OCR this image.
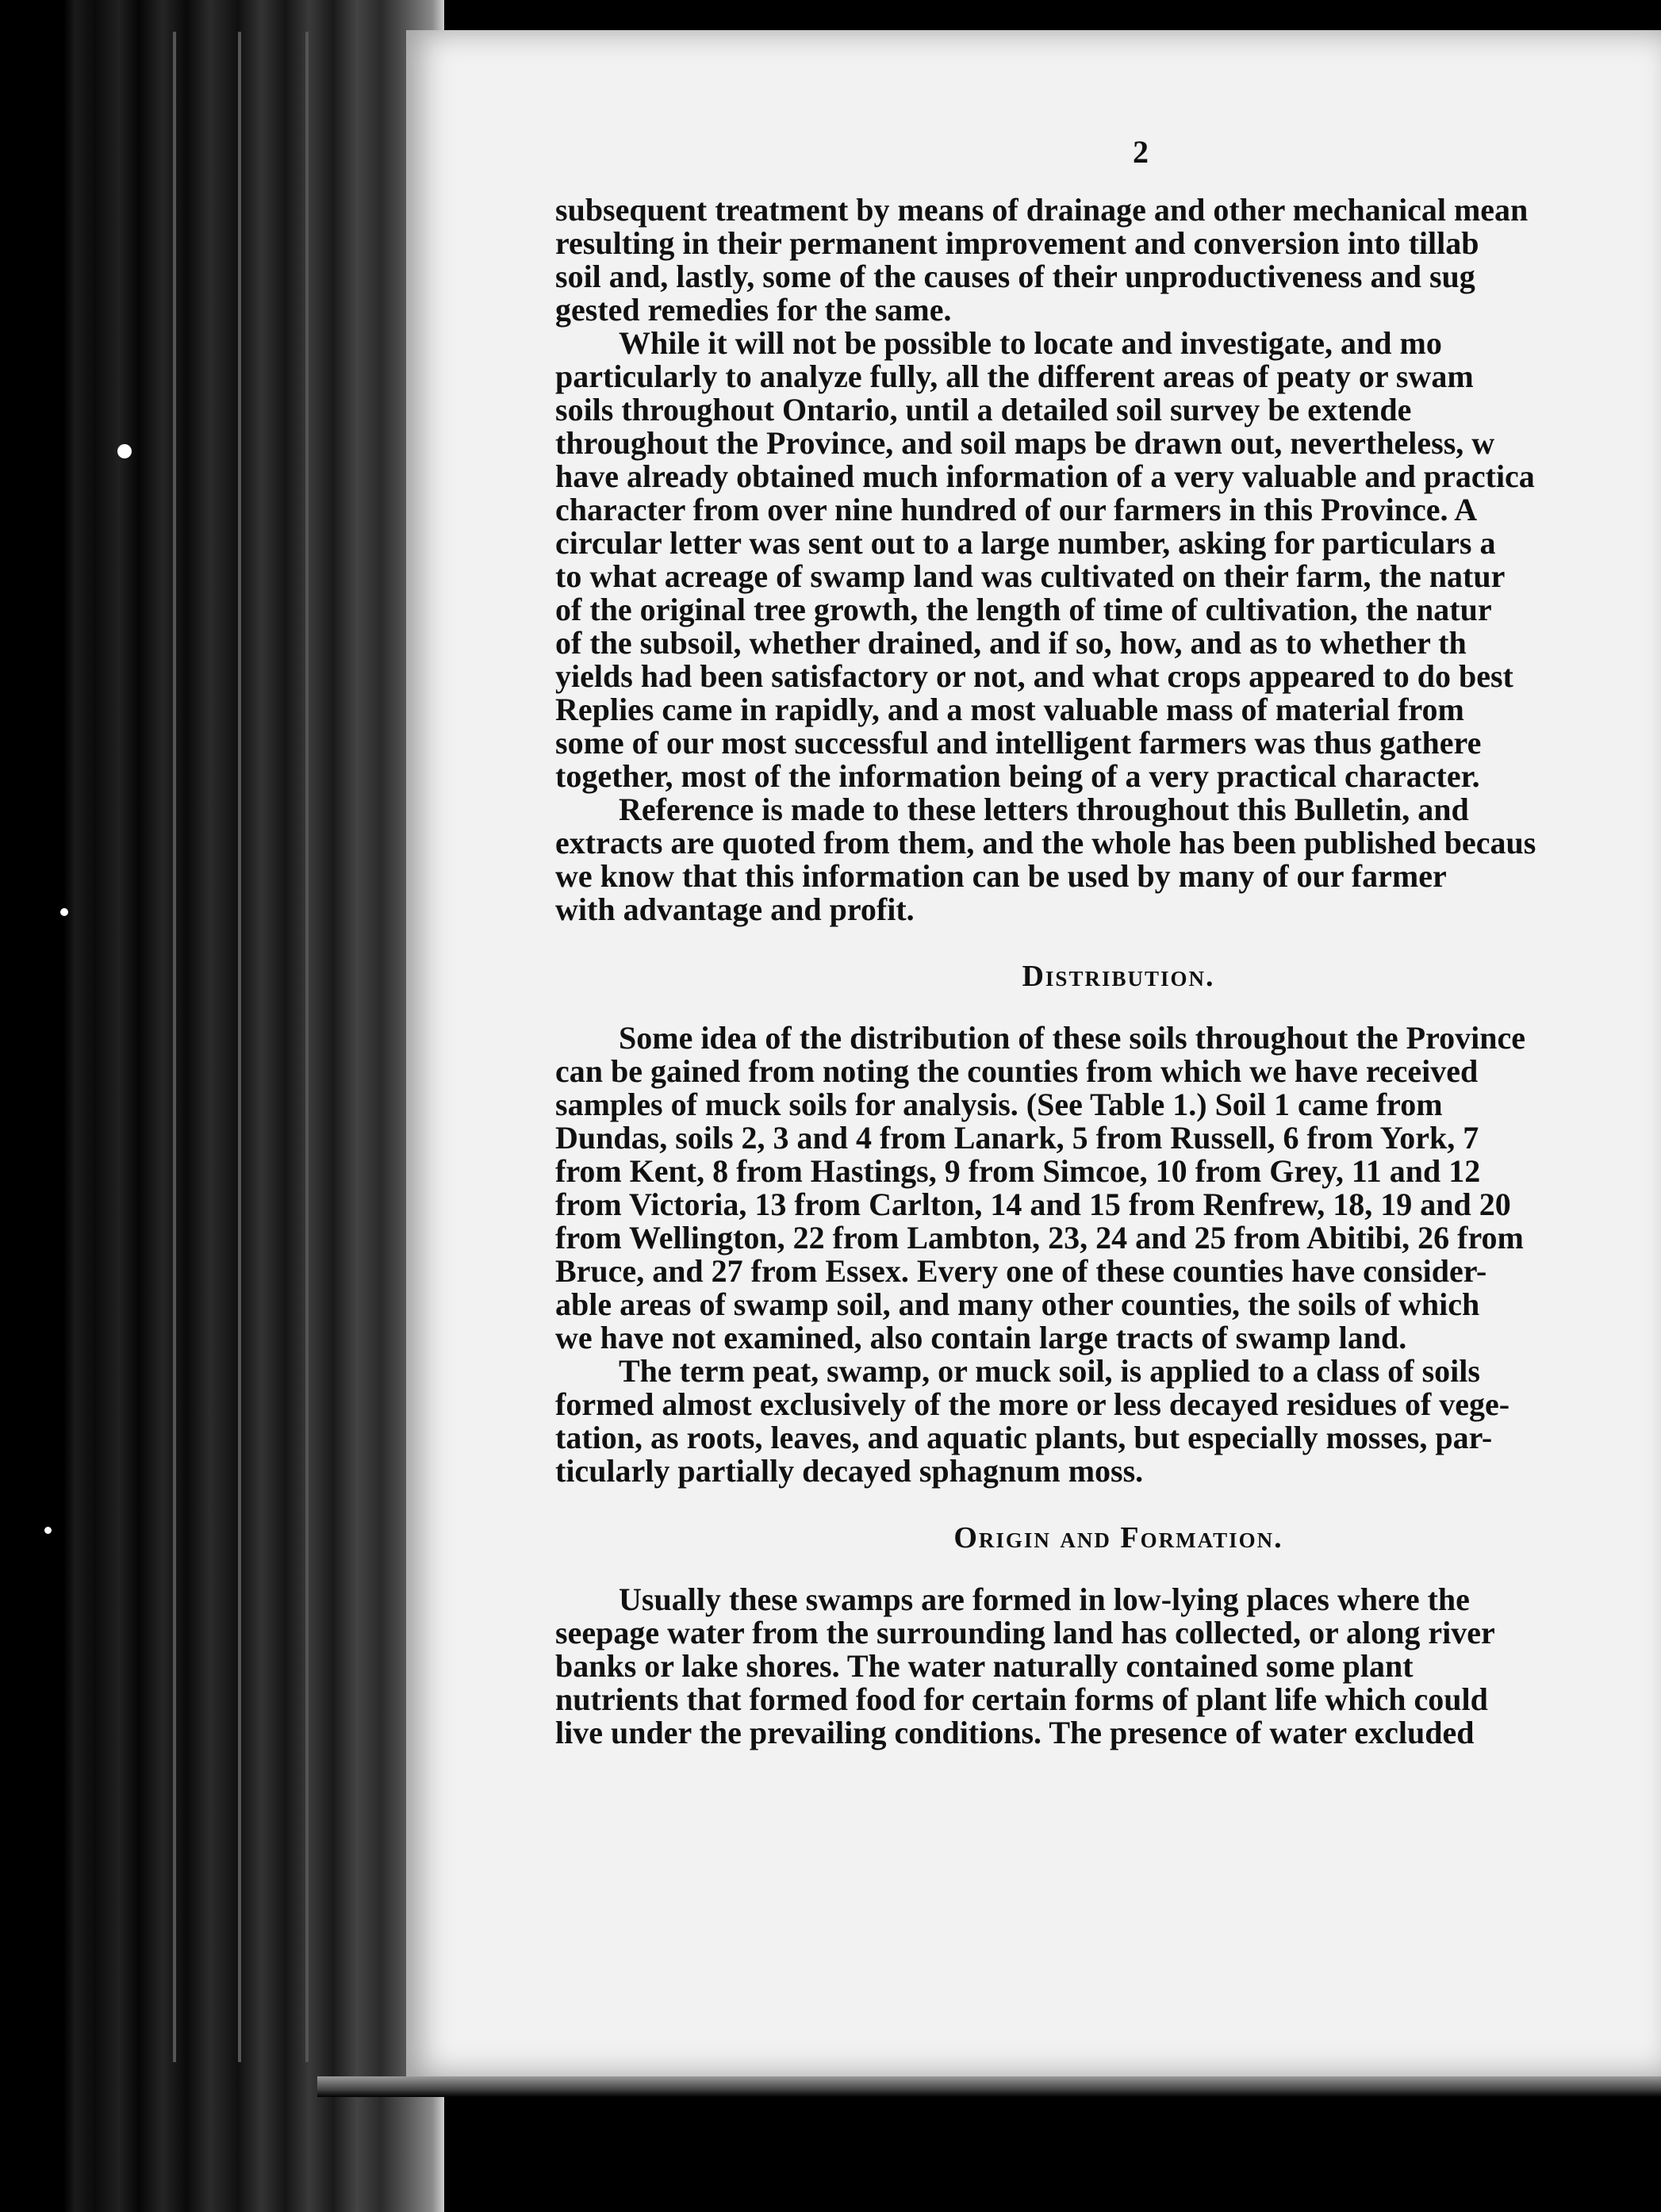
2
subsequent treatment by means of drainage and other mechanical mean
resulting in their permanent improvement and conversion into tillab
soil and, lastly, some of the causes of their unproductiveness and sug
gested remedies for the same.
While it will not be possible to locate and investigate, and mo
particularly to analyze fully, all the different areas of peaty or swam
soils throughout Ontario, until a detailed soil survey be extende
throughout the Province, and soil maps be drawn out, nevertheless, w
have already obtained much information of a very valuable and practica
character from over nine hundred of our farmers in this Province. A
circular letter was sent out to a large number, asking for particulars a
to what acreage of swamp land was cultivated on their farm, the natur
of the original tree growth, the length of time of cultivation, the natur
of the subsoil, whether drained, and if so, how, and as to whether th
yields had been satisfactory or not, and what crops appeared to do best
Replies came in rapidly, and a most valuable mass of material from
some of our most successful and intelligent farmers was thus gathere
together, most of the information being of a very practical character.
Reference is made to these letters throughout this Bulletin, and
extracts are quoted from them, and the whole has been published becaus
we know that this information can be used by many of our farmer
with advantage and profit.
Distribution.
Some idea of the distribution of these soils throughout the Province
can be gained from noting the counties from which we have received
samples of muck soils for analysis. (See Table 1.) Soil 1 came from
Dundas, soils 2, 3 and 4 from Lanark, 5 from Russell, 6 from York, 7
from Kent, 8 from Hastings, 9 from Simcoe, 10 from Grey, 11 and 12
from Victoria, 13 from Carlton, 14 and 15 from Renfrew, 18, 19 and 20
from Wellington, 22 from Lambton, 23, 24 and 25 from Abitibi, 26 from
Bruce, and 27 from Essex. Every one of these counties have consider-
able areas of swamp soil, and many other counties, the soils of which
we have not examined, also contain large tracts of swamp land.
The term peat, swamp, or muck soil, is applied to a class of soils
formed almost exclusively of the more or less decayed residues of vege-
tation, as roots, leaves, and aquatic plants, but especially mosses, par-
ticularly partially decayed sphagnum moss.
Origin and Formation.
Usually these swamps are formed in low-lying places where the
seepage water from the surrounding land has collected, or along river
banks or lake shores. The water naturally contained some plant
nutrients that formed food for certain forms of plant life which could
live under the prevailing conditions. The presence of water excluded
